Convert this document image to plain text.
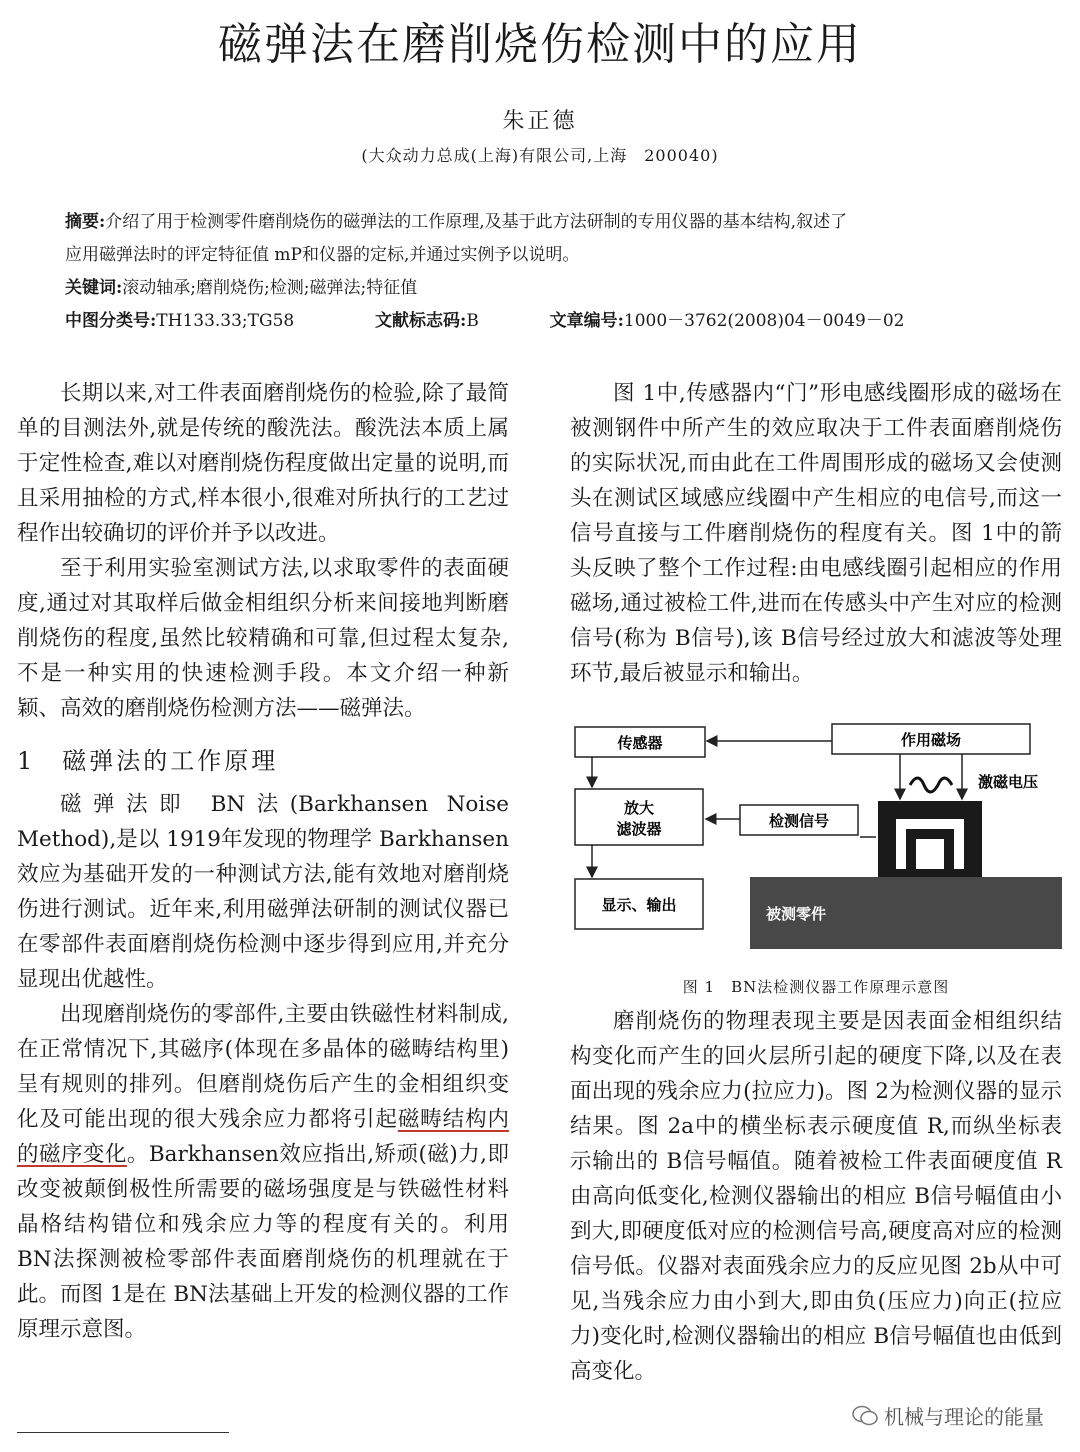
磁弹法在磨削烧伤检测中的应用
朱正德
(大众动力总成(上海)有限公司,上海　200040)

摘要:介绍了用于检测零件磨削烧伤的磁弹法的工作原理,及基于此方法研制的专用仪器的基本结构,叙述了

应用磁弹法时的评定特征值 mP和仪器的定标,并通过实例予以说明。

关键词:滚动轴承;磨削烧伤;检测;磁弹法;特征值

中图分类号:TH133.33;TG58	文献标志码:B	文章编号:1000－3762(2008)04－0049－02

长期以来,对工件表面磨削烧伤的检验,除了最简单的目测法外,就是传统的酸洗法。酸洗法本质上属于定性检查,难以对磨削烧伤程度做出定量的说明,而且采用抽检的方式,样本很小,很难对所执行的工艺过程作出较确切的评价并予以改进。

至于利用实验室测试方法,以求取零件的表面硬度,通过对其取样后做金相组织分析来间接地判断磨削烧伤的程度,虽然比较精确和可靠,但过程太复杂,不是一种实用的快速检测手段。本文介绍一种新颖、高效的磨削烧伤检测方法——磁弹法。

1　磁弹法的工作原理

磁弹法即 BN法(Barkhansen Noise Method),是以 1919年发现的物理学 Barkhansen效应为基础开发的一种测试方法,能有效地对磨削烧伤进行测试。近年来,利用磁弹法研制的测试仪器已在零部件表面磨削烧伤检测中逐步得到应用,并充分显现出优越性。

出现磨削烧伤的零部件,主要由铁磁性材料制成,在正常情况下,其磁序(体现在多晶体的磁畴结构里)呈有规则的排列。但磨削烧伤后产生的金相组织变化及可能出现的很大残余应力都将引起磁畴结构内的磁序变化。Barkhansen效应指出,矫顽(磁)力,即改变被颠倒极性所需要的磁场强度是与铁磁性材料晶格结构错位和残余应力等的程度有关的。利用 BN法探测被检零部件表面磨削烧伤的机理就在于此。而图 1是在 BN法基础上开发的检测仪器的工作原理示意图。

图 1中,传感器内“门”形电感线圈形成的磁场在被测钢件中所产生的效应取决于工件表面磨削烧伤的实际状况,而由此在工件周围形成的磁场又会使测头在测试区域感应线圈中产生相应的电信号,而这一信号直接与工件磨削烧伤的程度有关。图 1中的箭头反映了整个工作过程:由电感线圈引起相应的作用磁场,通过被检工件,进而在传感头中产生对应的检测信号(称为 B信号),该 B信号经过放大和滤波等处理环节,最后被显示和输出。

传感器	作用磁场
放大
滤波器	检测信号
显示、输出
激磁电压
被测零件

图 1　BN法检测仪器工作原理示意图

磨削烧伤的物理表现主要是因表面金相组织结构变化而产生的回火层所引起的硬度下降,以及在表面出现的残余应力(拉应力)。图 2为检测仪器的显示结果。图 2a中的横坐标表示硬度值 R,而纵坐标表示输出的 B信号幅值。随着被检工件表面硬度值 R 由高向低变化,检测仪器输出的相应 B信号幅值由小到大,即硬度低对应的检测信号高,硬度高对应的检测信号低。仪器对表面残余应力的反应见图 2b从中可见,当残余应力由小到大,即由负(压应力)向正(拉应力)变化时,检测仪器输出的相应 B信号幅值也由低到高变化。

机械与理论的能量
